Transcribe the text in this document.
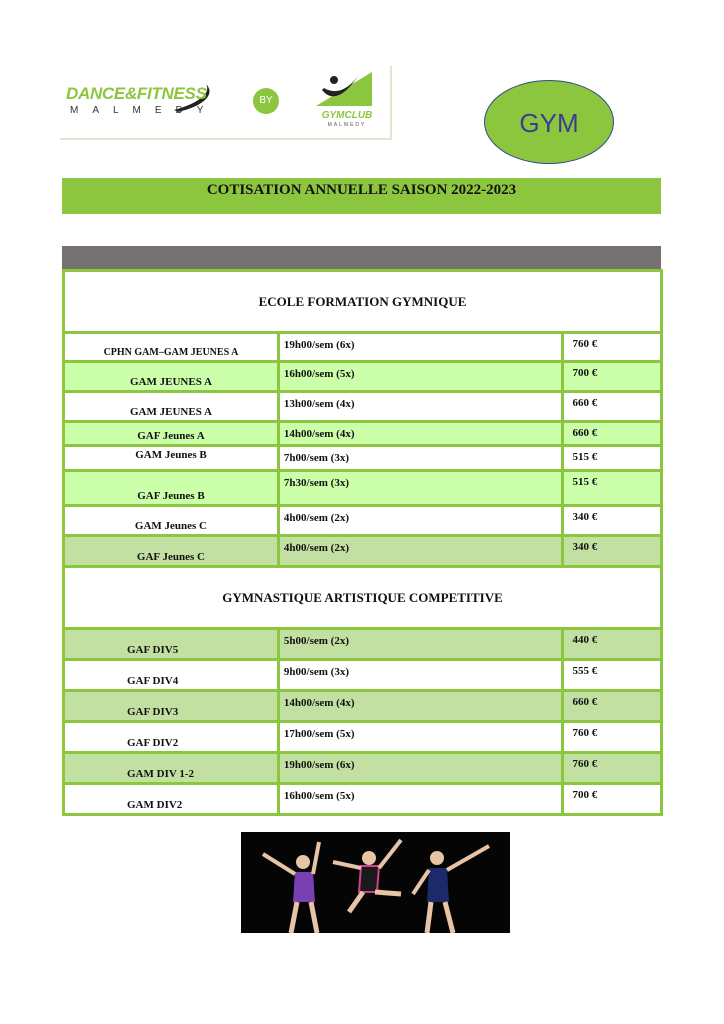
DANCE&FITNESS
MALMEDY
BY
GYMCLUB
MALMEDY	GYM
COTISATION ANNUELLE SAISON 2022-2023
ECOLE FORMATION GYMNIQUE		

CPHN GAM–GAM JEUNES A	19h00/sem (6x)	760 €

GAM JEUNES A	16h00/sem (5x)	700 €

GAM JEUNES A	13h00/sem (4x)	660 €

GAF Jeunes A	14h00/sem (4x)	660 €

GAM Jeunes B	7h00/sem (3x)	515 €

GAF Jeunes B	7h30/sem (3x)	515 €

GAM Jeunes C	4h00/sem (2x)	340 €

GAF Jeunes C	4h00/sem (2x)	340 €

GYMNASTIQUE ARTISTIQUE COMPETITIVE		

GAF DIV5	5h00/sem (2x)	440 €

GAF DIV4	9h00/sem (3x)	555 €

GAF DIV3	14h00/sem (4x)	660 €

GAF DIV2	17h00/sem (5x)	760 €

GAM DIV 1-2	19h00/sem (6x)	760 €

GAM DIV2	16h00/sem (5x)	700 €
